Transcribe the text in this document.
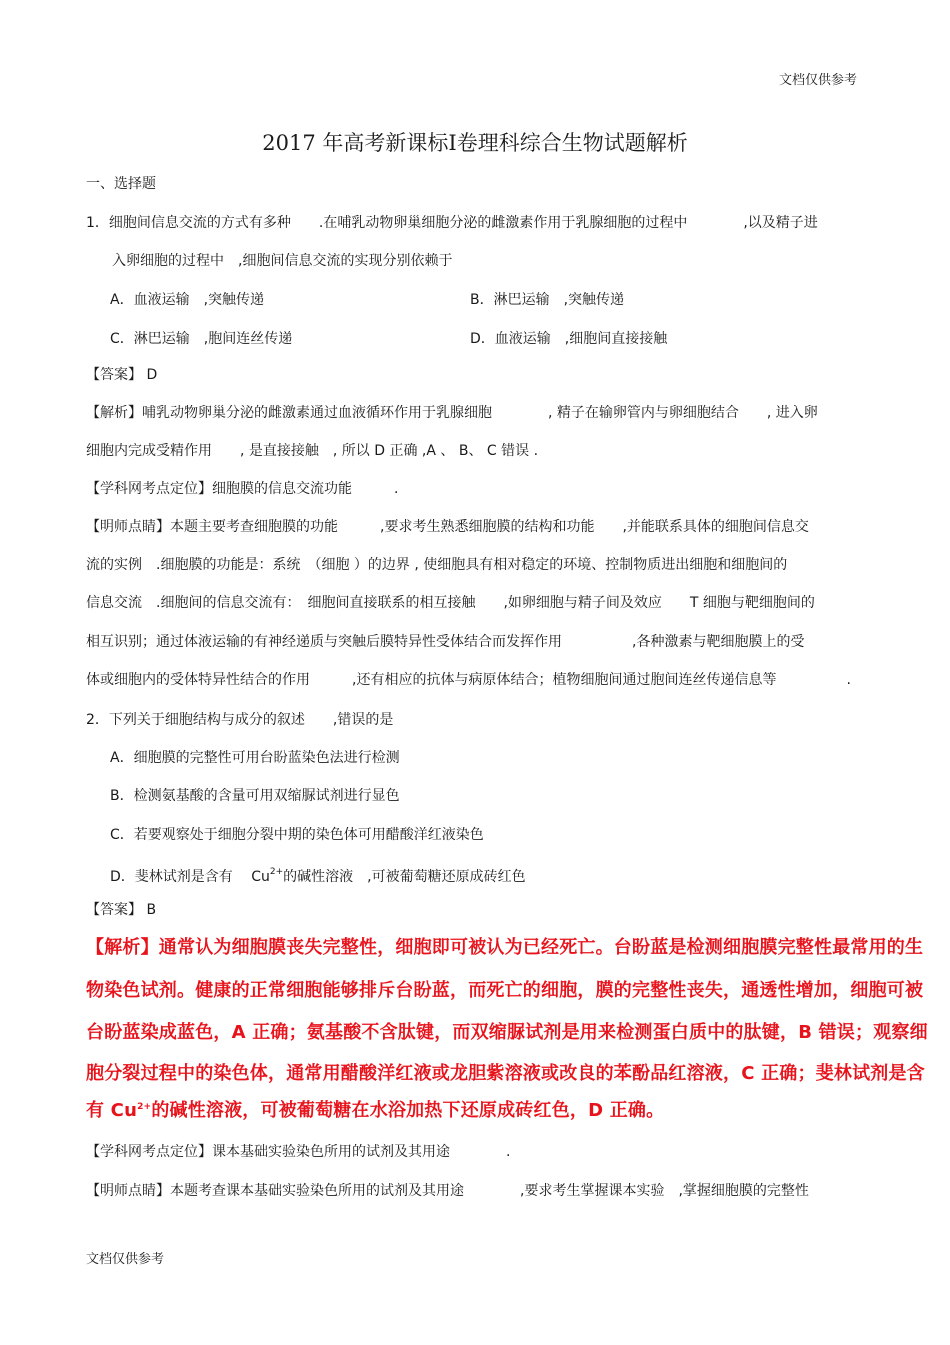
文档仅供参考
2017 年高考新课标Ⅰ卷理科综合生物试题解析
一、选择题
1．细胞间信息交流的方式有多种　　.在哺乳动物卵巢细胞分泌的雌激素作用于乳腺细胞的过程中　　　　,以及精子进
入卵细胞的过程中　,细胞间信息交流的实现分别依赖于
A．血液运输　,突触传递	B．淋巴运输　,突触传递
C．淋巴运输　,胞间连丝传递	D．血液运输　,细胞间直接接触
【答案】 D
【解析】哺乳动物卵巢分泌的雌激素通过血液循环作用于乳腺细胞　　　　, 精子在输卵管内与卵细胞结合　　, 进入卵
细胞内完成受精作用　　, 是直接接触　, 所以 D 正确 ,A 、 B、 C 错误 .
【学科网考点定位】细胞膜的信息交流功能　　　.
【明师点睛】本题主要考查细胞膜的功能　　　,要求考生熟悉细胞膜的结构和功能　　,并能联系具体的细胞间信息交
流的实例　.细胞膜的功能是：系统　（细胞 ）的边界 , 使细胞具有相对稳定的环境、控制物质进出细胞和细胞间的
信息交流　.细胞间的信息交流有：　细胞间直接联系的相互接触　　,如卵细胞与精子间及效应　　T 细胞与靶细胞间的
相互识别；通过体液运输的有神经递质与突触后膜特异性受体结合而发挥作用　　　　　,各种激素与靶细胞膜上的受
体或细胞内的受体特异性结合的作用　　　,还有相应的抗体与病原体结合；植物细胞间通过胞间连丝传递信息等　　　　　.
2．下列关于细胞结构与成分的叙述　　,错误的是
A．细胞膜的完整性可用台盼蓝染色法进行检测
B．检测氨基酸的含量可用双缩脲试剂进行显色
C．若要观察处于细胞分裂中期的染色体可用醋酸洋红液染色
D．斐林试剂是含有　 $Cu^{2+}$的碱性溶液　,可被葡萄糖还原成砖红色
【答案】 B
【解析】通常认为细胞膜丧失完整性，细胞即可被认为已经死亡。台盼蓝是检测细胞膜完整性最常用的生
物染色试剂。健康的正常细胞能够排斥台盼蓝，而死亡的细胞，膜的完整性丧失，通透性增加，细胞可被
台盼蓝染成蓝色，A 正确；氨基酸不含肽键，而双缩脲试剂是用来检测蛋白质中的肽键，B 错误；观察细
胞分裂过程中的染色体，通常用醋酸洋红液或龙胆紫溶液或改良的苯酚品红溶液，C 正确；斐林试剂是含
有 $Cu^{2+}$的碱性溶液，可被葡萄糖在水浴加热下还原成砖红色，D 正确。
【学科网考点定位】课本基础实验染色所用的试剂及其用途　　　　.
【明师点睛】本题考查课本基础实验染色所用的试剂及其用途　　　　,要求考生掌握课本实验　,掌握细胞膜的完整性
文档仅供参考
